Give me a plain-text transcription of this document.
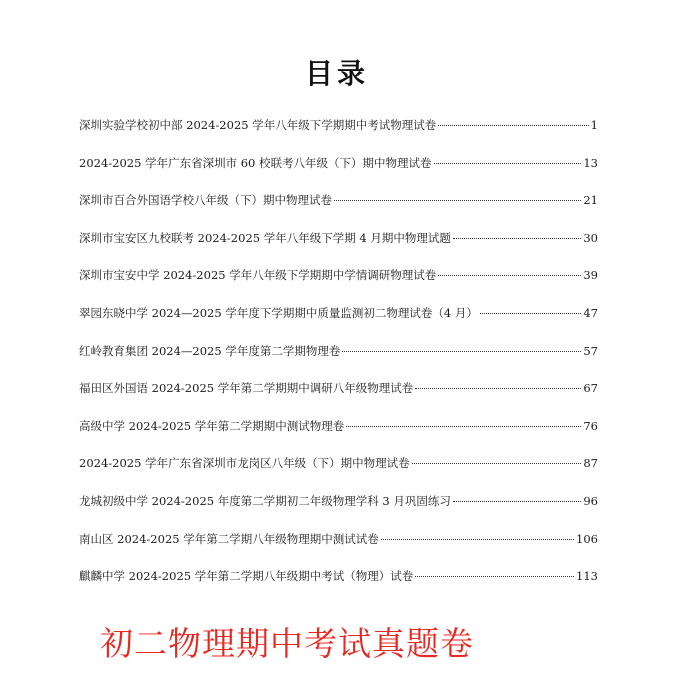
目录
深圳实验学校初中部 2024-2025 学年八年级下学期期中考试物理试卷	1
2024-2025 学年广东省深圳市 60 校联考八年级（下）期中物理试卷	13
深圳市百合外国语学校八年级（下）期中物理试卷	21
深圳市宝安区九校联考 2024-2025 学年八年级下学期 4 月期中物理试题	30
深圳市宝安中学 2024-2025 学年八年级下学期期中学情调研物理试卷	39
翠园东晓中学 2024—2025 学年度下学期期中质量监测初二物理试卷（4 月）	47
红岭教育集团 2024—2025 学年度第二学期物理卷	57
福田区外国语 2024-2025 学年第二学期期中调研八年级物理试卷	67
高级中学 2024-2025 学年第二学期期中测试物理卷	76
2024-2025 学年广东省深圳市龙岗区八年级（下）期中物理试卷	87
龙城初级中学 2024-2025 年度第二学期初二年级物理学科 3 月巩固练习	96
南山区 2024-2025 学年第二学期八年级物理期中测试试卷	106
麒麟中学 2024-2025 学年第二学期八年级期中考试（物理）试卷	113
初二物理期中考试真题卷
